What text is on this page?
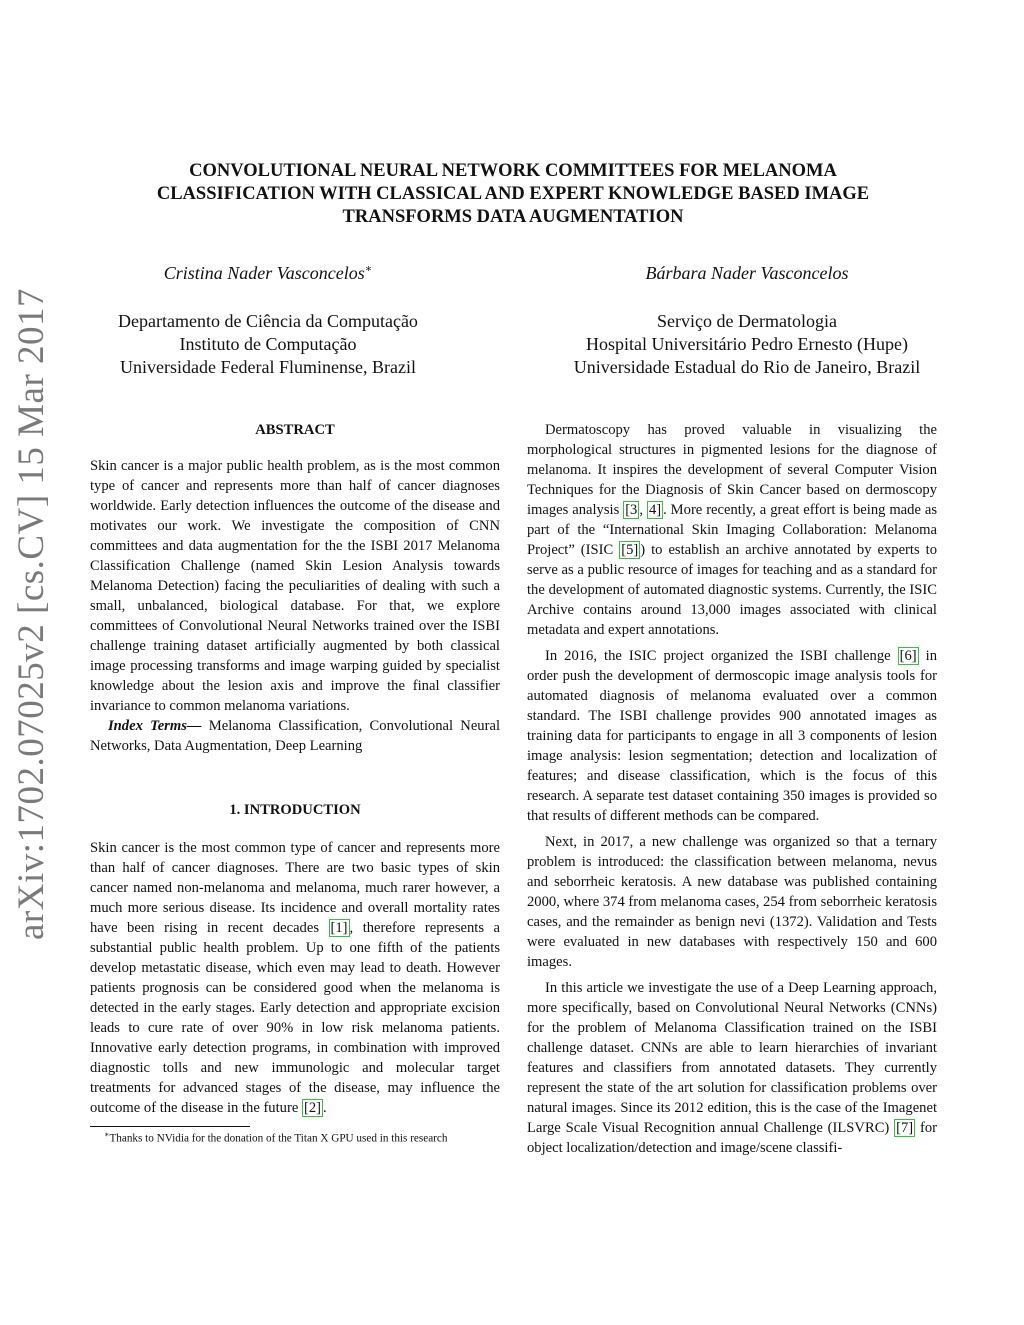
arXiv:1702.07025v2 [cs.CV] 15 Mar 2017
CONVOLUTIONAL NEURAL NETWORK COMMITTEES FOR MELANOMA
CLASSIFICATION WITH CLASSICAL AND EXPERT KNOWLEDGE BASED IMAGE
TRANSFORMS DATA AUGMENTATION
Cristina Nader Vasconcelos∗
Departamento de Ciência da Computação
Instituto de Computação
Universidade Federal Fluminense, Brazil
Bárbara Nader Vasconcelos
Serviço de Dermatologia
Hospital Universitário Pedro Ernesto (Hupe)
Universidade Estadual do Rio de Janeiro, Brazil
ABSTRACT

Skin cancer is a major public health problem, as is the most common type of cancer and represents more than half of cancer diagnoses worldwide. Early detection influences the outcome of the disease and motivates our work. We investigate the composition of CNN committees and data augmentation for the the ISBI 2017 Melanoma Classification Challenge (named Skin Lesion Analysis towards Melanoma Detection) facing the peculiarities of dealing with such a small, unbalanced, biological database. For that, we explore committees of Convolutional Neural Networks trained over the ISBI challenge training dataset artificially augmented by both classical image processing transforms and image warping guided by specialist knowledge about the lesion axis and improve the final classifier invariance to common melanoma variations.

Index Terms— Melanoma Classification, Convolutional Neural Networks, Data Augmentation, Deep Learning

1. INTRODUCTION

Skin cancer is the most common type of cancer and represents more than half of cancer diagnoses. There are two basic types of skin cancer named non-melanoma and melanoma, much rarer however, a much more serious disease. Its incidence and overall mortality rates have been rising in recent decades [1] , therefore represents a substantial public health problem. Up to one fifth of the patients develop metastatic disease, which even may lead to death. However patients prognosis can be considered good when the melanoma is detected in the early stages. Early detection and appropriate excision leads to cure rate of over 90% in low risk melanoma patients. Innovative early detection programs, in combination with improved diagnostic tolls and new immunologic and molecular target treatments for advanced stages of the disease, may influence the outcome of the disease in the future [2] .

∗Thanks to NVidia for the donation of the Titan X GPU used in this research

Dermatoscopy has proved valuable in visualizing the morphological structures in pigmented lesions for the diagnose of melanoma. It inspires the development of several Computer Vision Techniques for the Diagnosis of Skin Cancer based on dermoscopy images analysis [3 , 4] . More recently, a great effort is being made as part of the “International Skin Imaging Collaboration: Melanoma Project” (ISIC [5] ) to establish an archive annotated by experts to serve as a public resource of images for teaching and as a standard for the development of automated diagnostic systems. Currently, the ISIC Archive contains around 13,000 images associated with clinical metadata and expert annotations.

In 2016, the ISIC project organized the ISBI challenge [6] in order push the development of dermoscopic image analysis tools for automated diagnosis of melanoma evaluated over a common standard. The ISBI challenge provides 900 annotated images as training data for participants to engage in all 3 components of lesion image analysis: lesion segmentation; detection and localization of features; and disease classification, which is the focus of this research. A separate test dataset containing 350 images is provided so that results of different methods can be compared.

Next, in 2017, a new challenge was organized so that a ternary problem is introduced: the classification between melanoma, nevus and seborrheic keratosis. A new database was published containing 2000, where 374 from melanoma cases, 254 from seborrheic keratosis cases, and the remainder as benign nevi (1372). Validation and Tests were evaluated in new databases with respectively 150 and 600 images.

In this article we investigate the use of a Deep Learning approach, more specifically, based on Convolutional Neural Networks (CNNs) for the problem of Melanoma Classification trained on the ISBI challenge dataset. CNNs are able to learn hierarchies of invariant features and classifiers from annotated datasets. They currently represent the state of the art solution for classification problems over natural images. Since its 2012 edition, this is the case of the Imagenet Large Scale Visual Recognition annual Challenge (ILSVRC) [7] for object localization/detection and image/scene classifi-
